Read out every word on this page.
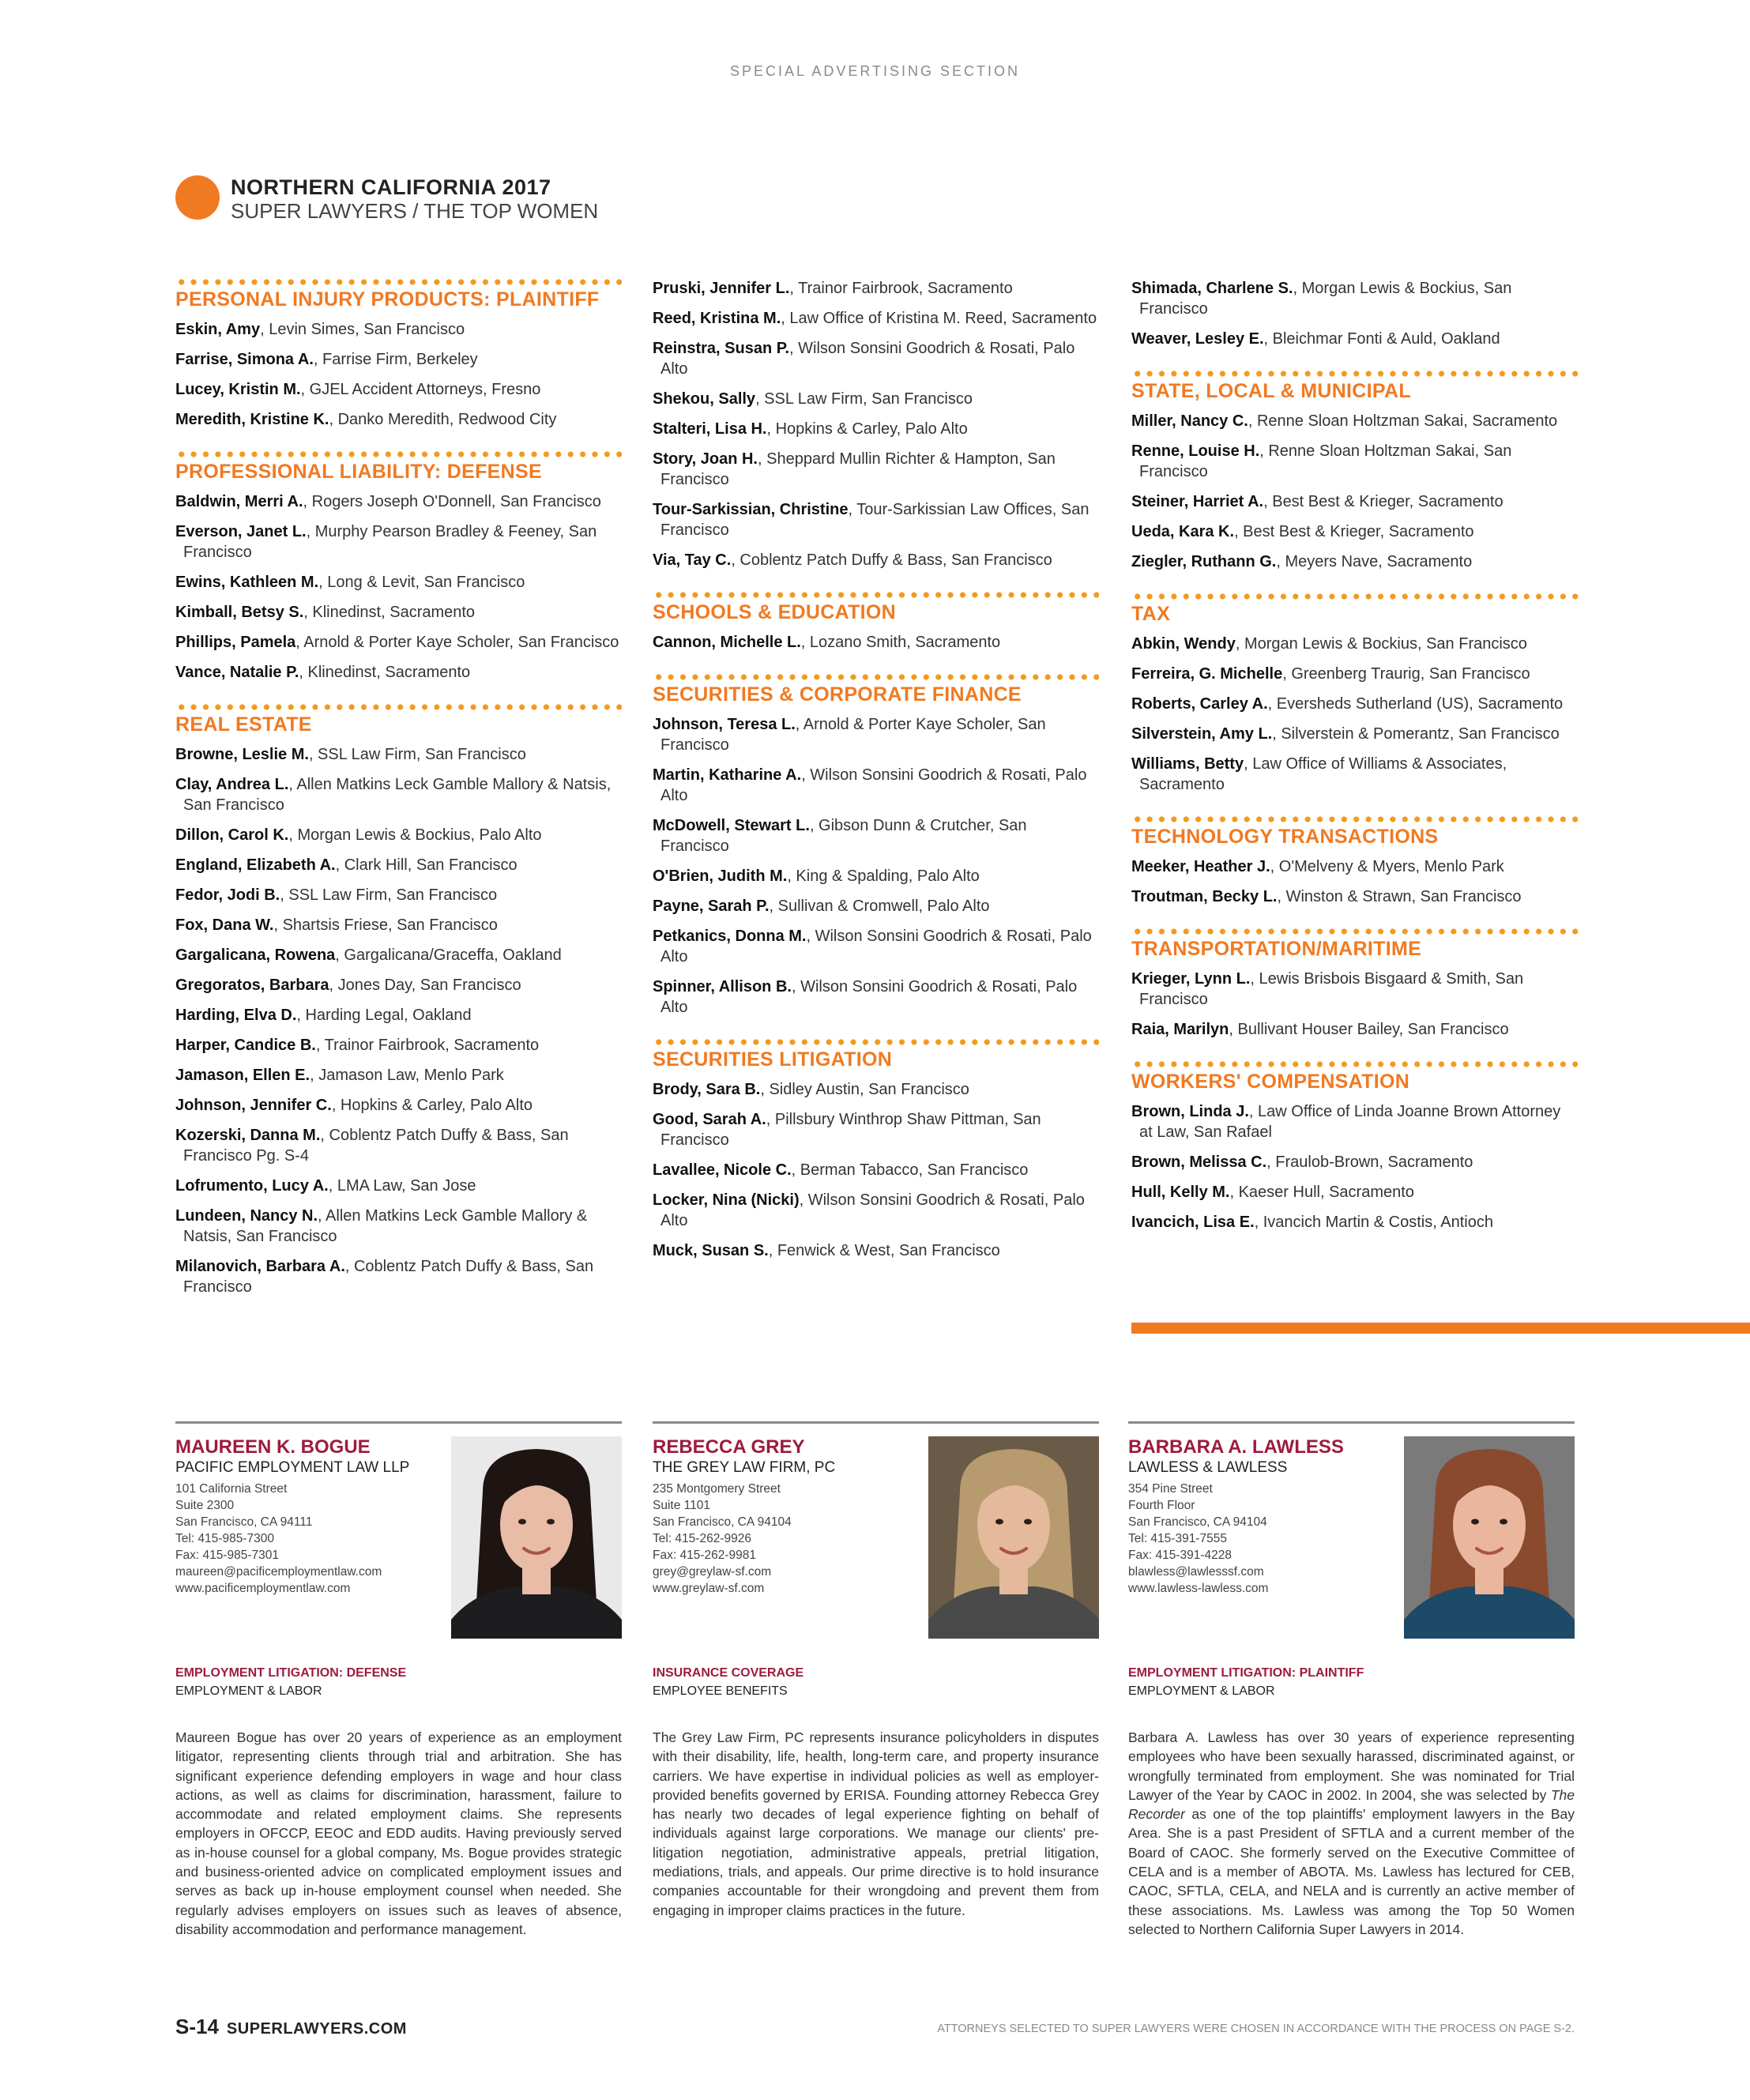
SPECIAL ADVERTISING SECTION
NORTHERN CALIFORNIA 2017
SUPER LAWYERS / THE TOP WOMEN
PERSONAL INJURY PRODUCTS: PLAINTIFF
Eskin, Amy, Levin Simes, San Francisco
Farrise, Simona A., Farrise Firm, Berkeley
Lucey, Kristin M., GJEL Accident Attorneys, Fresno
Meredith, Kristine K., Danko Meredith, Redwood City
PROFESSIONAL LIABILITY: DEFENSE
Baldwin, Merri A., Rogers Joseph O'Donnell, San Francisco
Everson, Janet L., Murphy Pearson Bradley & Feeney, San Francisco
Ewins, Kathleen M., Long & Levit, San Francisco
Kimball, Betsy S., Klinedinst, Sacramento
Phillips, Pamela, Arnold & Porter Kaye Scholer, San Francisco
Vance, Natalie P., Klinedinst, Sacramento
REAL ESTATE
Browne, Leslie M., SSL Law Firm, San Francisco
Clay, Andrea L., Allen Matkins Leck Gamble Mallory & Natsis, San Francisco
Dillon, Carol K., Morgan Lewis & Bockius, Palo Alto
England, Elizabeth A., Clark Hill, San Francisco
Fedor, Jodi B., SSL Law Firm, San Francisco
Fox, Dana W., Shartsis Friese, San Francisco
Gargalicana, Rowena, Gargalicana/Graceffa, Oakland
Gregoratos, Barbara, Jones Day, San Francisco
Harding, Elva D., Harding Legal, Oakland
Harper, Candice B., Trainor Fairbrook, Sacramento
Jamason, Ellen E., Jamason Law, Menlo Park
Johnson, Jennifer C., Hopkins & Carley, Palo Alto
Kozerski, Danna M., Coblentz Patch Duffy & Bass, San Francisco Pg. S-4
Lofrumento, Lucy A., LMA Law, San Jose
Lundeen, Nancy N., Allen Matkins Leck Gamble Mallory & Natsis, San Francisco
Milanovich, Barbara A., Coblentz Patch Duffy & Bass, San Francisco
Pruski, Jennifer L., Trainor Fairbrook, Sacramento
Reed, Kristina M., Law Office of Kristina M. Reed, Sacramento
Reinstra, Susan P., Wilson Sonsini Goodrich & Rosati, Palo Alto
Shekou, Sally, SSL Law Firm, San Francisco
Stalteri, Lisa H., Hopkins & Carley, Palo Alto
Story, Joan H., Sheppard Mullin Richter & Hampton, San Francisco
Tour-Sarkissian, Christine, Tour-Sarkissian Law Offices, San Francisco
Via, Tay C., Coblentz Patch Duffy & Bass, San Francisco
SCHOOLS & EDUCATION
Cannon, Michelle L., Lozano Smith, Sacramento
SECURITIES & CORPORATE FINANCE
Johnson, Teresa L., Arnold & Porter Kaye Scholer, San Francisco
Martin, Katharine A., Wilson Sonsini Goodrich & Rosati, Palo Alto
McDowell, Stewart L., Gibson Dunn & Crutcher, San Francisco
O'Brien, Judith M., King & Spalding, Palo Alto
Payne, Sarah P., Sullivan & Cromwell, Palo Alto
Petkanics, Donna M., Wilson Sonsini Goodrich & Rosati, Palo Alto
Spinner, Allison B., Wilson Sonsini Goodrich & Rosati, Palo Alto
SECURITIES LITIGATION
Brody, Sara B., Sidley Austin, San Francisco
Good, Sarah A., Pillsbury Winthrop Shaw Pittman, San Francisco
Lavallee, Nicole C., Berman Tabacco, San Francisco
Locker, Nina (Nicki), Wilson Sonsini Goodrich & Rosati, Palo Alto
Muck, Susan S., Fenwick & West, San Francisco
Shimada, Charlene S., Morgan Lewis & Bockius, San Francisco
Weaver, Lesley E., Bleichmar Fonti & Auld, Oakland
STATE, LOCAL & MUNICIPAL
Miller, Nancy C., Renne Sloan Holtzman Sakai, Sacramento
Renne, Louise H., Renne Sloan Holtzman Sakai, San Francisco
Steiner, Harriet A., Best Best & Krieger, Sacramento
Ueda, Kara K., Best Best & Krieger, Sacramento
Ziegler, Ruthann G., Meyers Nave, Sacramento
TAX
Abkin, Wendy, Morgan Lewis & Bockius, San Francisco
Ferreira, G. Michelle, Greenberg Traurig, San Francisco
Roberts, Carley A., Eversheds Sutherland (US), Sacramento
Silverstein, Amy L., Silverstein & Pomerantz, San Francisco
Williams, Betty, Law Office of Williams & Associates, Sacramento
TECHNOLOGY TRANSACTIONS
Meeker, Heather J., O'Melveny & Myers, Menlo Park
Troutman, Becky L., Winston & Strawn, San Francisco
TRANSPORTATION/MARITIME
Krieger, Lynn L., Lewis Brisbois Bisgaard & Smith, San Francisco
Raia, Marilyn, Bullivant Houser Bailey, San Francisco
WORKERS' COMPENSATION
Brown, Linda J., Law Office of Linda Joanne Brown Attorney at Law, San Rafael
Brown, Melissa C., Fraulob-Brown, Sacramento
Hull, Kelly M., Kaeser Hull, Sacramento
Ivancich, Lisa E., Ivancich Martin & Costis, Antioch
MAUREEN K. BOGUE
PACIFIC EMPLOYMENT LAW LLP
101 California Street
Suite 2300
San Francisco, CA 94111
Tel: 415-985-7300
Fax: 415-985-7301
maureen@pacificemploymentlaw.com
www.pacificemploymentlaw.com
EMPLOYMENT LITIGATION: DEFENSE
EMPLOYMENT & LABOR
Maureen Bogue has over 20 years of experience as an employment litigator, representing clients through trial and arbitration. She has significant experience defending employers in wage and hour class actions, as well as claims for discrimination, harassment, failure to accommodate and related employment claims. She represents employers in OFCCP, EEOC and EDD audits. Having previously served as in-house counsel for a global company, Ms. Bogue provides strategic and business-oriented advice on complicated employment issues and serves as back up in-house employment counsel when needed. She regularly advises employers on issues such as leaves of absence, disability accommodation and performance management.
REBECCA GREY
THE GREY LAW FIRM, PC
235 Montgomery Street
Suite 1101
San Francisco, CA 94104
Tel: 415-262-9926
Fax: 415-262-9981
grey@greylaw-sf.com
www.greylaw-sf.com
INSURANCE COVERAGE
EMPLOYEE BENEFITS
The Grey Law Firm, PC represents insurance policyholders in disputes with their disability, life, health, long-term care, and property insurance carriers. We have expertise in individual policies as well as employer-provided benefits governed by ERISA. Founding attorney Rebecca Grey has nearly two decades of legal experience fighting on behalf of individuals against large corporations. We manage our clients' pre-litigation negotiation, administrative appeals, pretrial litigation, mediations, trials, and appeals. Our prime directive is to hold insurance companies accountable for their wrongdoing and prevent them from engaging in improper claims practices in the future.
BARBARA A. LAWLESS
LAWLESS & LAWLESS
354 Pine Street
Fourth Floor
San Francisco, CA 94104
Tel: 415-391-7555
Fax: 415-391-4228
blawless@lawlesssf.com
www.lawless-lawless.com
EMPLOYMENT LITIGATION: PLAINTIFF
EMPLOYMENT & LABOR
Barbara A. Lawless has over 30 years of experience representing employees who have been sexually harassed, discriminated against, or wrongfully terminated from employment. She was nominated for Trial Lawyer of the Year by CAOC in 2002. In 2004, she was selected by The Recorder as one of the top plaintiffs' employment lawyers in the Bay Area. She is a past President of SFTLA and a current member of the Board of CAOC. She formerly served on the Executive Committee of CELA and is a member of ABOTA. Ms. Lawless has lectured for CEB, CAOC, SFTLA, CELA, and NELA and is currently an active member of these associations. Ms. Lawless was among the Top 50 Women selected to Northern California Super Lawyers in 2014.
S-14 SUPERLAWYERS.COM	ATTORNEYS SELECTED TO SUPER LAWYERS WERE CHOSEN IN ACCORDANCE WITH THE PROCESS ON PAGE S-2.
